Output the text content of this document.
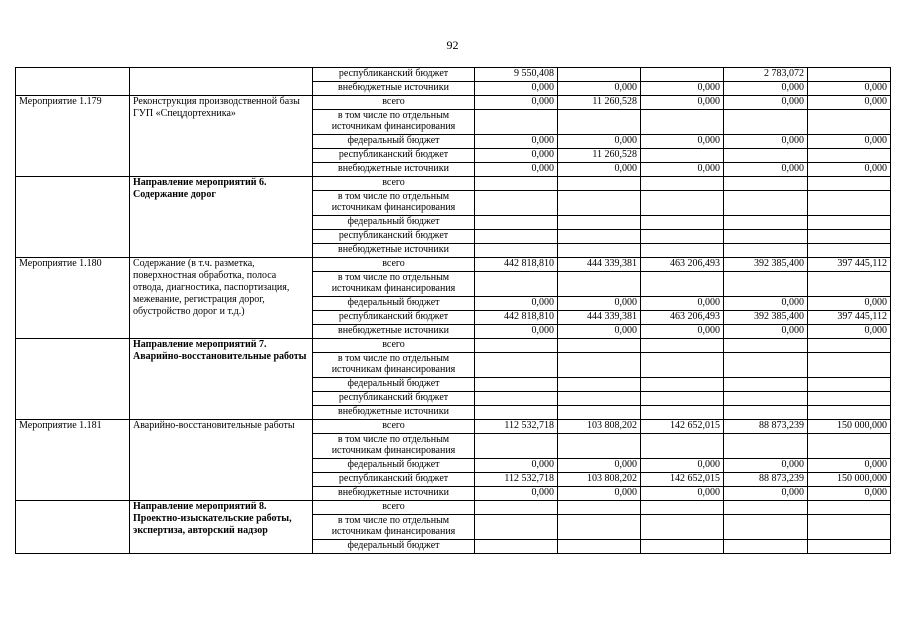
92
		республиканский бюджет	9 550,408			2 783,072	
		внебюджетные источники	0,000	0,000	0,000	0,000	0,000
Мероприятие 1.179	Реконструкция производственной базы ГУП «Спецдортехника»	всего	0,000	11 260,528	0,000	0,000	0,000
		в том числе по отдельным источникам финансирования					
		федеральный бюджет	0,000	0,000	0,000	0,000	0,000
		республиканский бюджет	0,000	11 260,528			
		внебюджетные источники	0,000	0,000	0,000	0,000	0,000
	Направление мероприятий 6. Содержание дорог	всего					
		в том числе по отдельным источникам финансирования					
		федеральный бюджет					
		республиканский бюджет					
		внебюджетные источники					
Мероприятие 1.180	Содержание (в т.ч. разметка, поверхностная обработка, полоса отвода, диагностика, паспортизация, межевание, регистрация дорог, обустройство дорог и т.д.)	всего	442 818,810	444 339,381	463 206,493	392 385,400	397 445,112
		в том числе по отдельным источникам финансирования					
		федеральный бюджет	0,000	0,000	0,000	0,000	0,000
		республиканский бюджет	442 818,810	444 339,381	463 206,493	392 385,400	397 445,112
		внебюджетные источники	0,000	0,000	0,000	0,000	0,000
	Направление мероприятий 7. Аварийно-восстановительные работы	всего					
		в том числе по отдельным источникам финансирования					
		федеральный бюджет					
		республиканский бюджет					
		внебюджетные источники					
Мероприятие 1.181	Аварийно-восстановительные работы	всего	112 532,718	103 808,202	142 652,015	88 873,239	150 000,000
		в том числе по отдельным источникам финансирования					
		федеральный бюджет	0,000	0,000	0,000	0,000	0,000
		республиканский бюджет	112 532,718	103 808,202	142 652,015	88 873,239	150 000,000
		внебюджетные источники	0,000	0,000	0,000	0,000	0,000
	Направление мероприятий 8. Проектно-изыскательские работы, экспертиза, авторский надзор	всего					
		в том числе по отдельным источникам финансирования					
		федеральный бюджет					
